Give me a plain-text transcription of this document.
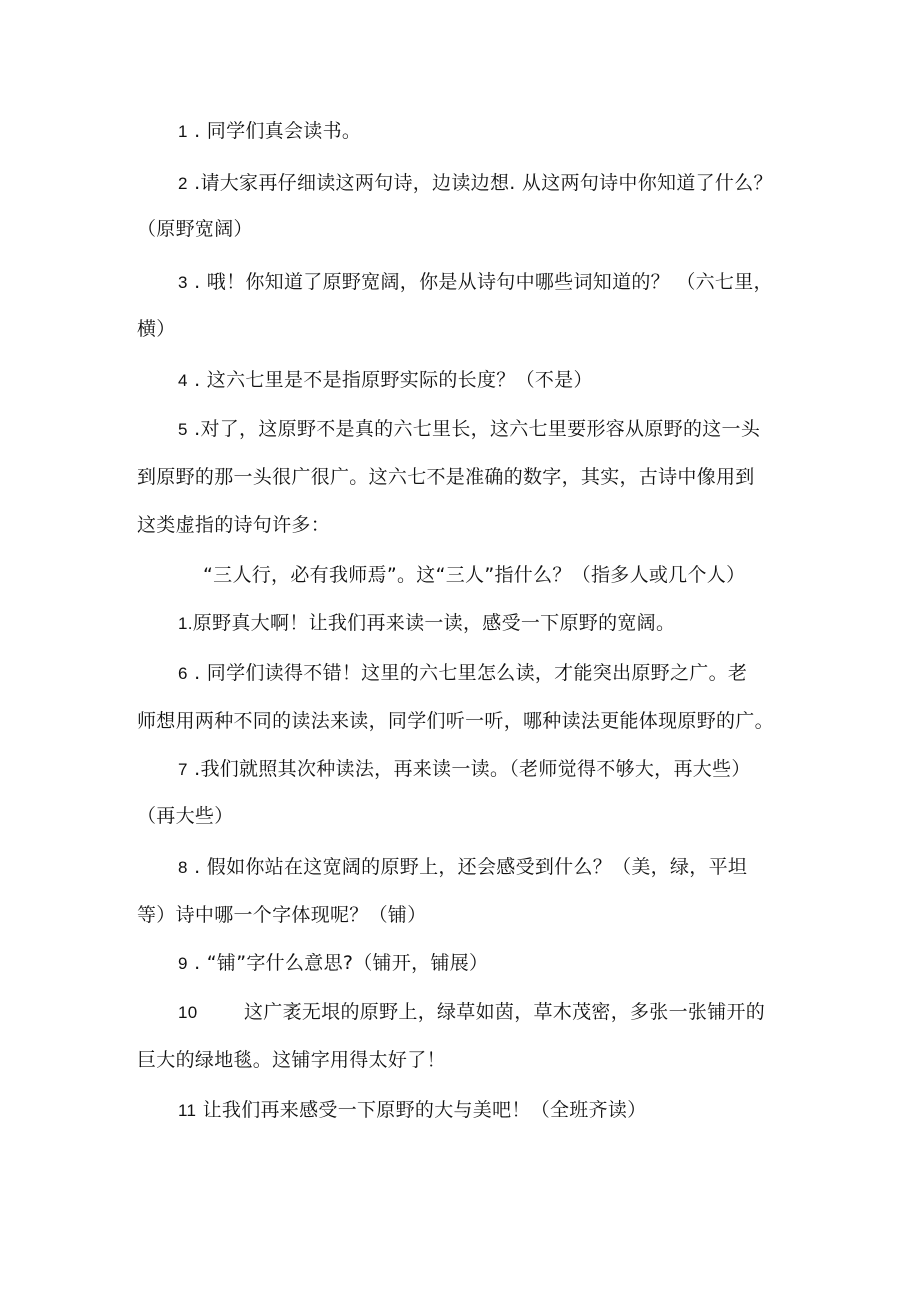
1 . 同学们真会读书。
2 .请大家再仔细读这两句诗，边读边想. 从这两句诗中你知道了什么？
（原野宽阔）
3 . 哦！你知道了原野宽阔，你是从诗句中哪些词知道的？ （六七里，
横）
4 . 这六七里是不是指原野实际的长度？（不是）
5 .对了，这原野不是真的六七里长，这六七里要形容从原野的这一头
到原野的那一头很广很广。这六七不是准确的数字，其实，古诗中像用到
这类虚指的诗句许多：
“三人行，必有我师焉”。这“三人”指什么？（指多人或几个人）
1.原野真大啊！让我们再来读一读，感受一下原野的宽阔。
6 . 同学们读得不错！这里的六七里怎么读，才能突出原野之广。老
师想用两种不同的读法来读，同学们听一听，哪种读法更能体现原野的广。
7 .我们就照其次种读法，再来读一读。（老师觉得不够大，再大些）
（再大些）
8 . 假如你站在这宽阔的原野上，还会感受到什么？（美，绿，平坦
等）诗中哪一个字体现呢？（铺）
9 . “铺”字什么意思?（铺开，铺展）
10 这广袤无垠的原野上，绿草如茵，草木茂密，多张一张铺开的
巨大的绿地毯。这铺字用得太好了！
11 让我们再来感受一下原野的大与美吧！（全班齐读）
